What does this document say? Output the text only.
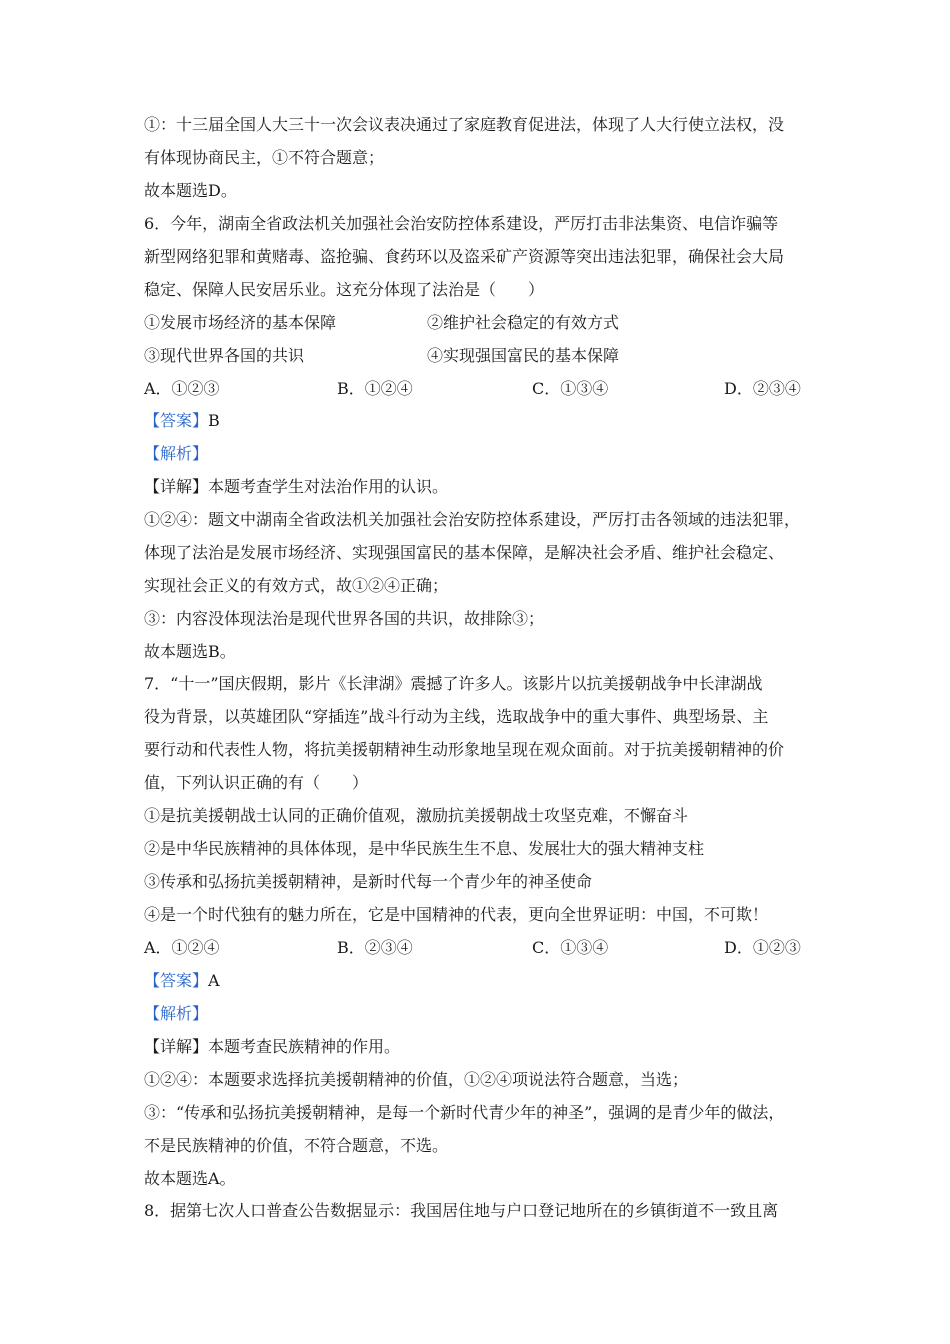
①：十三届全国人大三十一次会议表决通过了家庭教育促进法，体现了人大行使立法权，没
有体现协商民主，①不符合题意；
故本题选D。
6．今年，湖南全省政法机关加强社会治安防控体系建设，严厉打击非法集资、电信诈骗等
新型网络犯罪和黄赌毒、盗抢骗、食药环以及盗采矿产资源等突出违法犯罪，确保社会大局
稳定、保障人民安居乐业。这充分体现了法治是（　　）
①发展市场经济的基本保障	②维护社会稳定的有效方式
③现代世界各国的共识	④实现强国富民的基本保障
A．①②③	B．①②④	C．①③④	D．②③④
【答案】B
【解析】
【详解】本题考查学生对法治作用的认识。
①②④：题文中湖南全省政法机关加强社会治安防控体系建设，严厉打击各领域的违法犯罪，
体现了法治是发展市场经济、实现强国富民的基本保障，是解决社会矛盾、维护社会稳定、
实现社会正义的有效方式，故①②④正确；
③：内容没体现法治是现代世界各国的共识，故排除③；
故本题选B。
7．“十一”国庆假期，影片《长津湖》震撼了许多人。该影片以抗美援朝战争中长津湖战
役为背景，以英雄团队“穿插连”战斗行动为主线，选取战争中的重大事件、典型场景、主
要行动和代表性人物，将抗美援朝精神生动形象地呈现在观众面前。对于抗美援朝精神的价
值，下列认识正确的有（　　）
①是抗美援朝战士认同的正确价值观，激励抗美援朝战士攻坚克难，不懈奋斗
②是中华民族精神的具体体现，是中华民族生生不息、发展壮大的强大精神支柱
③传承和弘扬抗美援朝精神，是新时代每一个青少年的神圣使命
④是一个时代独有的魅力所在，它是中国精神的代表，更向全世界证明：中国，不可欺！
A．①②④	B．②③④	C．①③④	D．①②③
【答案】A
【解析】
【详解】本题考查民族精神的作用。
①②④：本题要求选择抗美援朝精神的价值，①②④项说法符合题意，当选；
③：“传承和弘扬抗美援朝精神，是每一个新时代青少年的神圣”，强调的是青少年的做法，
不是民族精神的价值，不符合题意，不选。
故本题选A。
8．据第七次人口普查公告数据显示：我国居住地与户口登记地所在的乡镇街道不一致且离
